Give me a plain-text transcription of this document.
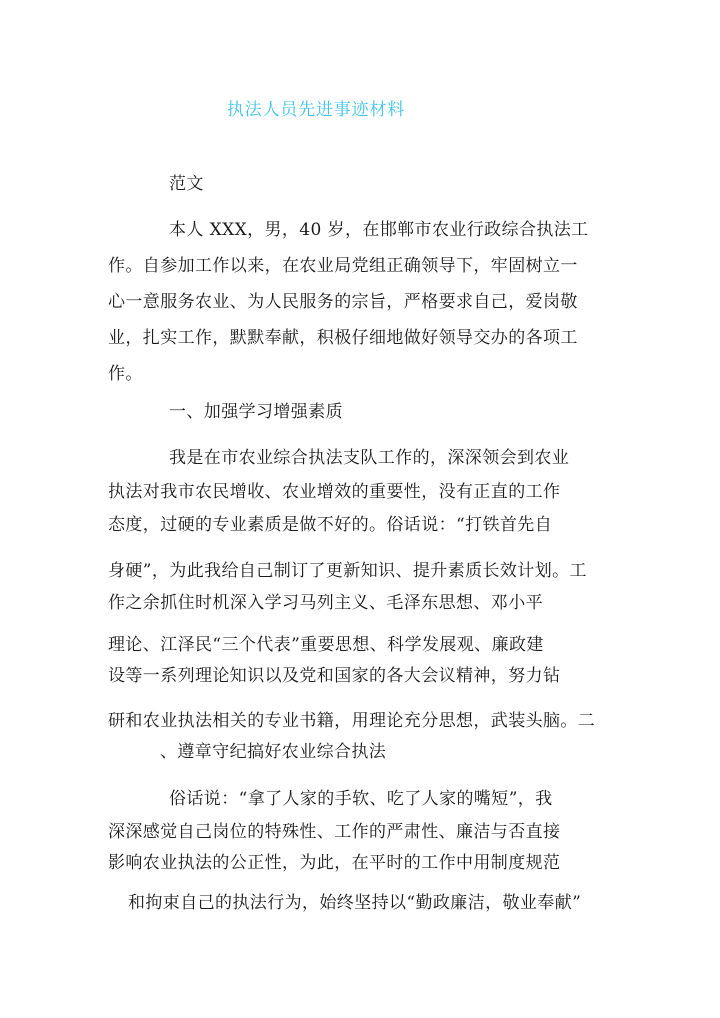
执法人员先进事迹材料
范文
本人 XXX，男，40 岁，在邯郸市农业行政综合执法工
作。自参加工作以来，在农业局党组正确领导下，牢固树立一
心一意服务农业、为人民服务的宗旨，严格要求自己，爱岗敬
业，扎实工作，默默奉献，积极仔细地做好领导交办的各项工
作。
一、加强学习增强素质
我是在市农业综合执法支队工作的，深深领会到农业
执法对我市农民增收、农业增效的重要性，没有正直的工作
态度，过硬的专业素质是做不好的。俗话说：“打铁首先自
身硬”，为此我给自己制订了更新知识、提升素质长效计划。工
作之余抓住时机深入学习马列主义、毛泽东思想、邓小平
理论、江泽民“三个代表”重要思想、科学发展观、廉政建
设等一系列理论知识以及党和国家的各大会议精神，努力钻
研和农业执法相关的专业书籍，用理论充分思想，武装头脑。二
、遵章守纪搞好农业综合执法
俗话说：“拿了人家的手软、吃了人家的嘴短”，我
深深感觉自己岗位的特殊性、工作的严肃性、廉洁与否直接
影响农业执法的公正性，为此，在平时的工作中用制度规范
和拘束自己的执法行为，始终坚持以“勤政廉洁，敬业奉献”
